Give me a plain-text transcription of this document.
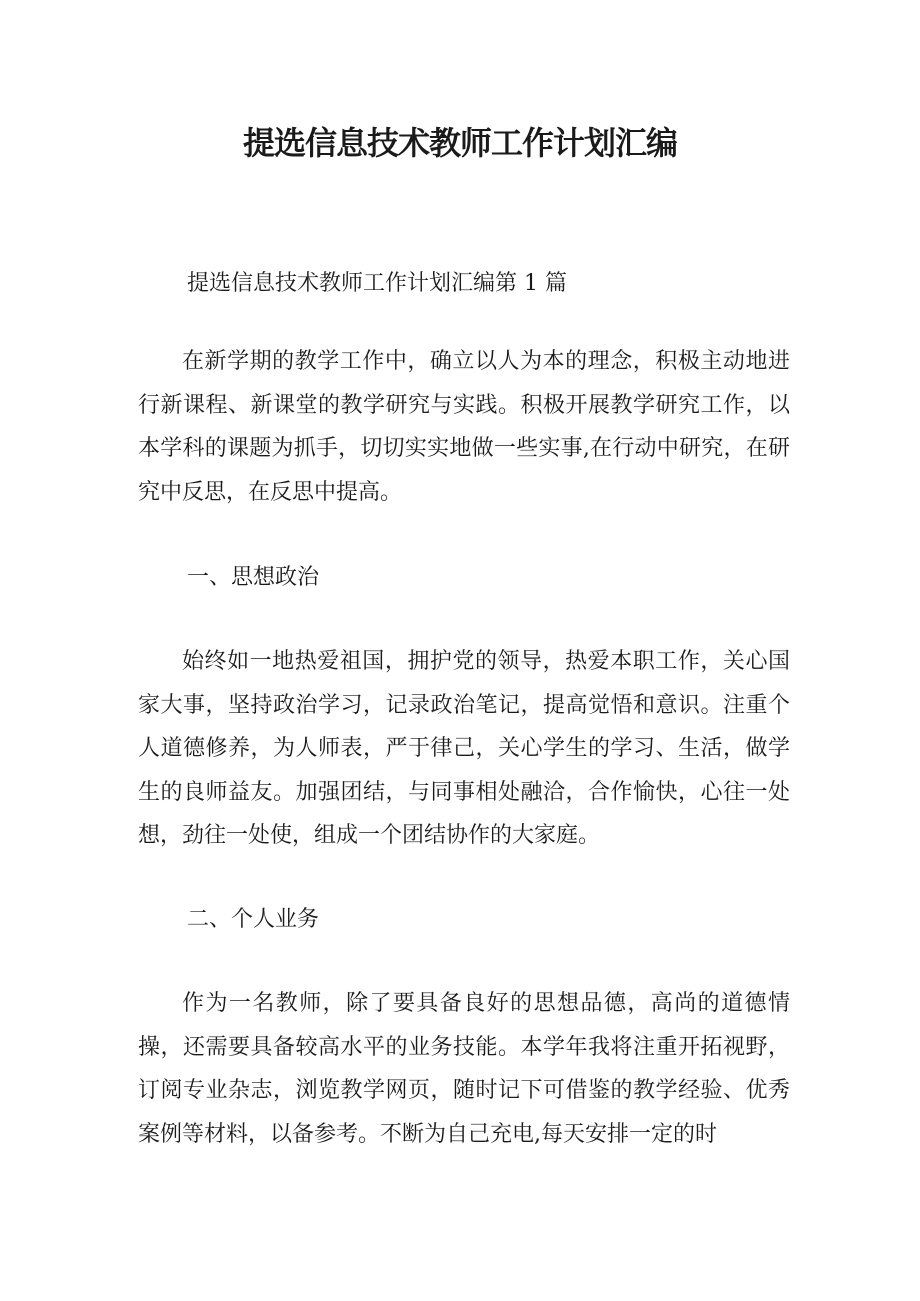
提选信息技术教师工作计划汇编
提选信息技术教师工作计划汇编第 1 篇
在新学期的教学工作中，确立以人为本的理念，积极主动地进行新课程、新课堂的教学研究与实践。积极开展教学研究工作，以本学科的课题为抓手，切切实实地做一些实事,在行动中研究，在研究中反思，在反思中提高。
一、思想政治
始终如一地热爱祖国，拥护党的领导，热爱本职工作，关心国家大事，坚持政治学习，记录政治笔记，提高觉悟和意识。注重个人道德修养，为人师表，严于律己，关心学生的学习、生活，做学生的良师益友。加强团结，与同事相处融洽，合作愉快，心往一处想，劲往一处使，组成一个团结协作的大家庭。
二、个人业务
作为一名教师，除了要具备良好的思想品德，高尚的道德情操，还需要具备较高水平的业务技能。本学年我将注重开拓视野，订阅专业杂志，浏览教学网页，随时记下可借鉴的教学经验、优秀案例等材料，以备参考。不断为自己充电,每天安排一定的时
